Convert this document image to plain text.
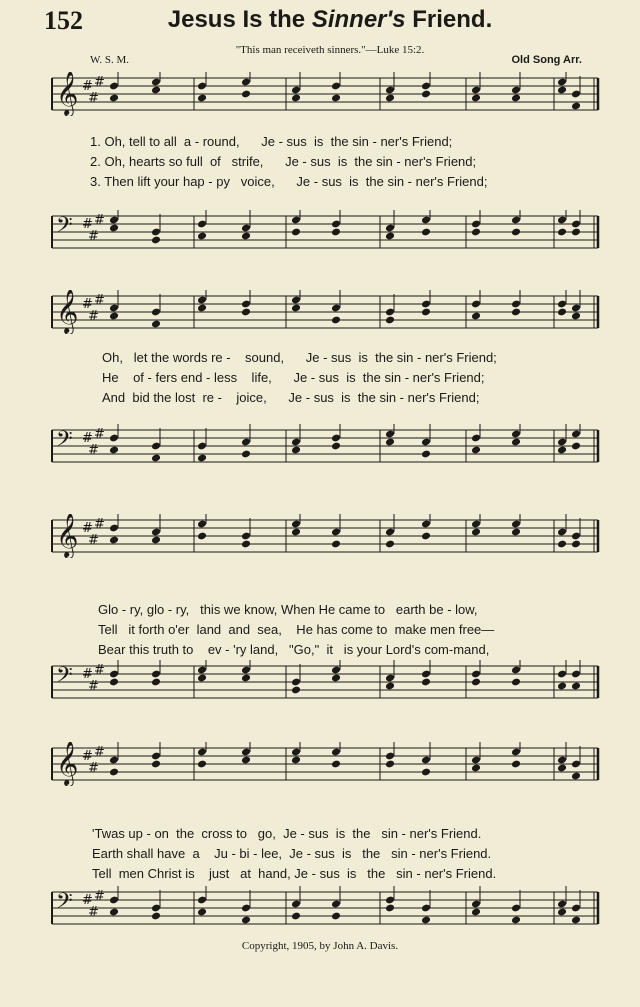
152	Jesus Is the Sinner's Friend.
"This man receiveth sinners."—Luke 15:2.
W. S. M.	Old Song Arr.
𝄞 #
#
#
1. Oh, tell to all  a - round,      Je - sus  is  the sin - ner's Friend;
2. Oh, hearts so full  of   strife,      Je - sus  is  the sin - ner's Friend;
3. Then lift your hap - py   voice,      Je - sus  is  the sin - ner's Friend;
𝄢 #
#
#
𝄞 #
#
#
Oh,   let the words re -    sound,      Je - sus  is  the sin - ner's Friend;
He    of - fers end - less    life,      Je - sus  is  the sin - ner's Friend;
And  bid the lost  re -    joice,      Je - sus  is  the sin - ner's Friend;
𝄢 #
#
#
𝄞 #
#
#
Glo - ry, glo - ry,   this we know, When He came to   earth be - low,
Tell   it forth o'er  land  and  sea,    He has come to  make men free—
Bear this truth to    ev - 'ry land,   "Go,"  it   is your Lord's com-mand,
𝄢 #
#
#
𝄞 #
#
#
'Twas up - on  the  cross to   go,  Je - sus  is  the   sin - ner's Friend.
Earth shall have  a    Ju - bi - lee,  Je - sus  is   the   sin - ner's Friend.
Tell  men Christ is    just   at  hand, Je - sus  is   the   sin - ner's Friend.
𝄢 #
#
#
Copyright, 1905, by John A. Davis.
